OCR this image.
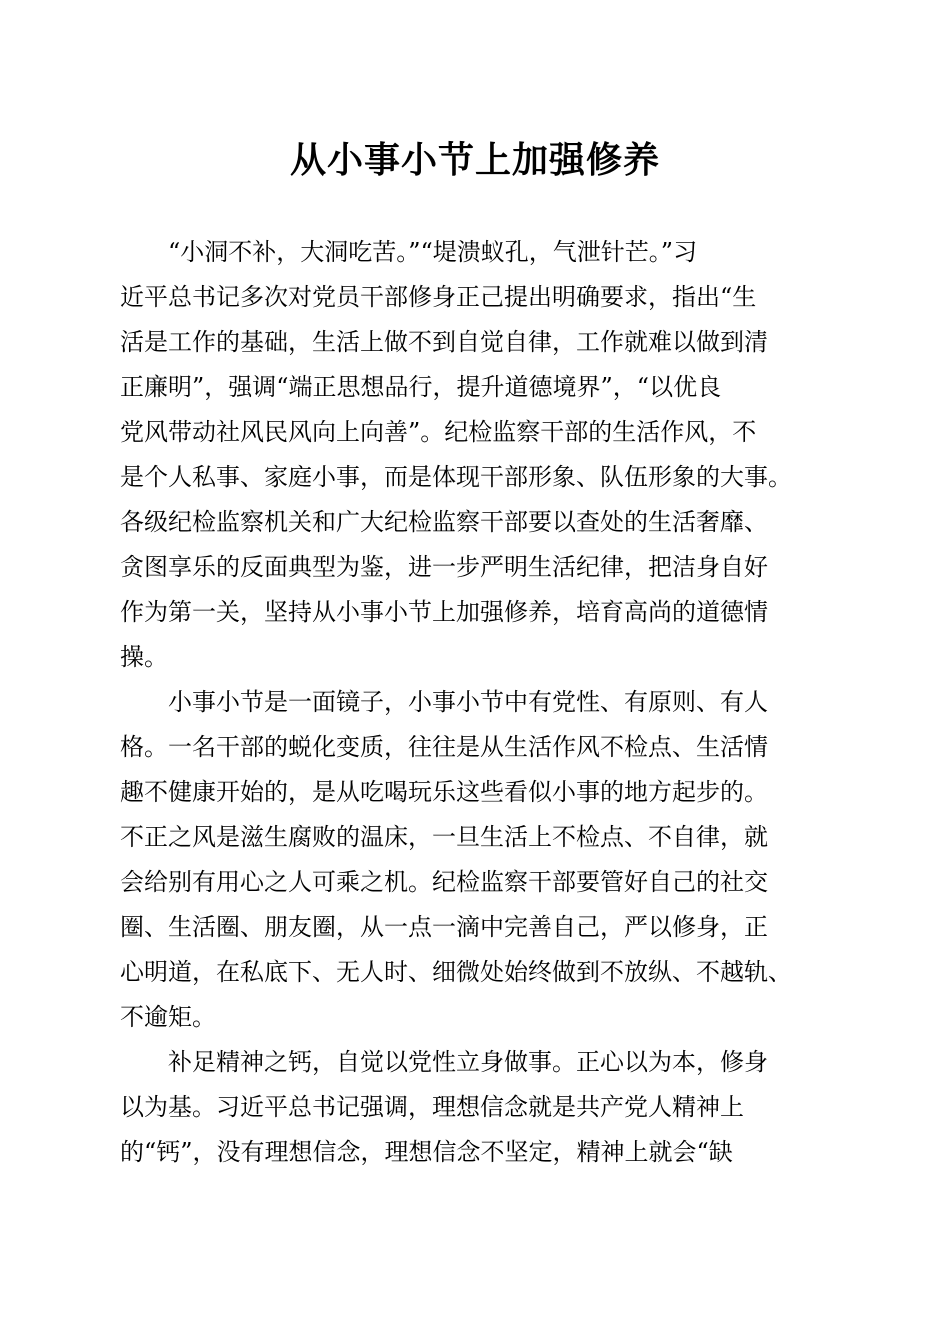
从小事小节上加强修养
“小洞不补，大洞吃苦。”“堤溃蚁孔，气泄针芒。”习
近平总书记多次对党员干部修身正己提出明确要求，指出“生
活是工作的基础，生活上做不到自觉自律，工作就难以做到清
正廉明”，强调“端正思想品行，提升道德境界”，“以优良
党风带动社风民风向上向善”。纪检监察干部的生活作风，不
是个人私事、家庭小事，而是体现干部形象、队伍形象的大事。
各级纪检监察机关和广大纪检监察干部要以查处的生活奢靡、
贪图享乐的反面典型为鉴，进一步严明生活纪律，把洁身自好
作为第一关，坚持从小事小节上加强修养，培育高尚的道德情
操。
小事小节是一面镜子，小事小节中有党性、有原则、有人
格。一名干部的蜕化变质，往往是从生活作风不检点、生活情
趣不健康开始的，是从吃喝玩乐这些看似小事的地方起步的。
不正之风是滋生腐败的温床，一旦生活上不检点、不自律，就
会给别有用心之人可乘之机。纪检监察干部要管好自己的社交
圈、生活圈、朋友圈，从一点一滴中完善自己，严以修身，正
心明道，在私底下、无人时、细微处始终做到不放纵、不越轨、
不逾矩。
补足精神之钙，自觉以党性立身做事。正心以为本，修身
以为基。习近平总书记强调，理想信念就是共产党人精神上
的“钙”，没有理想信念，理想信念不坚定，精神上就会“缺
